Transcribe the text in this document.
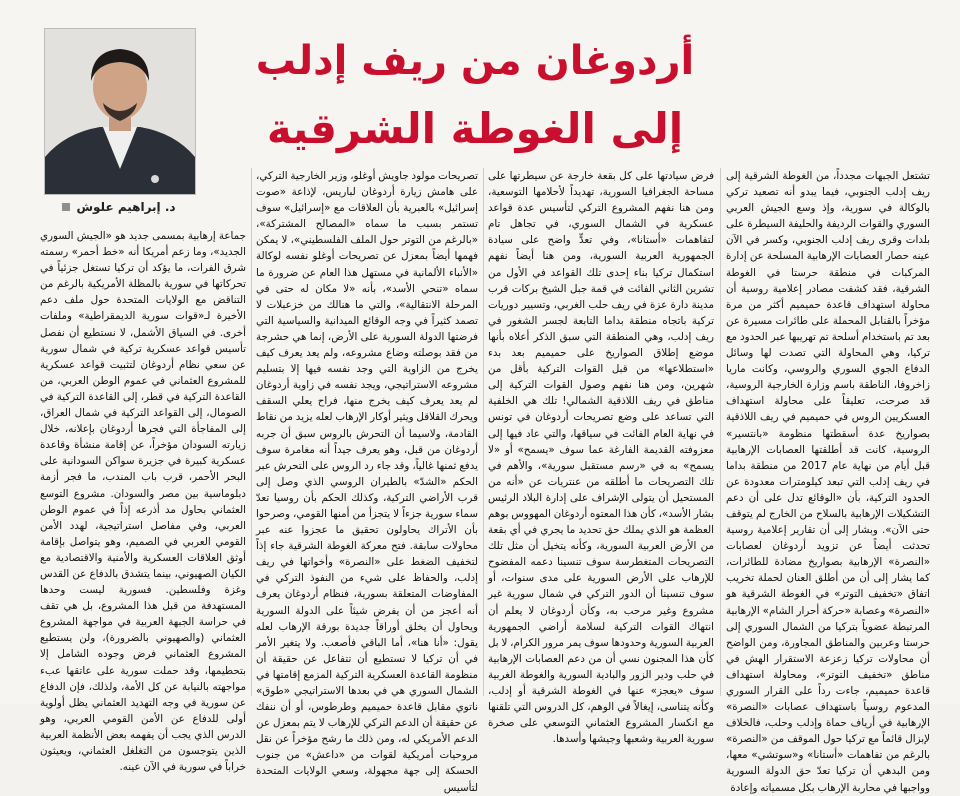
د. إبراهيم علوش
أردوغان من ريف إدلب
إلى الغوطة الشرقية

تشتعل الجبهات مجدداً، من الغوطة الشرقية إلى ريف إدلب الجنوبي، فيما يبدو أنه تصعيد تركي بالوكالة في سورية، وإذ وسع الجيش العربي السوري والقوات الرديفة والحليفة السيطرة على بلدات وقرى ريف إدلب الجنوبي، وكسر في الآن عينه حصار العصابات الإرهابية المسلحة عن إدارة المركبات في منطقة حرستا في الغوطة الشرقية، فقد كشفت مصادر إعلامية روسية أن محاولة استهداف قاعدة حميميم أكثر من مرة مؤخراً بالقنابل المحملة على طائرات مسيرة عن بعد تم باستخدام أسلحة تم تهريبها عبر الحدود مع تركيا، وهي المحاولة التي تصدت لها وسائل الدفاع الجوي السوري والروسي، وكانت ماريا زاخروفا، الناطقة باسم وزارة الخارجية الروسية، قد صرحت، تعليقاً على محاولة استهداف العسكريين الروس في حميميم في ريف اللاذقية بصواريخ عدة أسقطتها منظومة «بانتسير» الروسية، كانت قد أطلقتها العصابات الإرهابية قبل أيام من نهاية عام 2017 من منطقة بداما في ريف إدلب التي تبعد كيلومترات معدودة عن الحدود التركية، بأن «الوقائع تدل على أن دعم التشكيلات الإرهابية بالسلاح من الخارج لم يتوقف حتى الآن». وبشار إلى أن تقارير إعلامية روسية تحدثت أيضاً عن تزويد أردوغان لعصابات «النصرة» الإرهابية بصواريخ مضادة للطائرات، كما يشار إلى أن من أطلق العنان لحملة تخريب اتفاق «تخفيف التوتر» في الغوطة الشرقية هو «النصرة» وعصابة «حركة أحرار الشام» الإرهابية المرتبطة عضوياً بتركيا من الشمال السوري إلى حرستا وعربين والمناطق المجاورة، ومن الواضح أن محاولات تركيا زعزعة الاستقرار الهش في مناطق «تخفيف التوتر»، ومحاولة استهداف قاعدة حميميم، جاءت رداً على القرار السوري المدعوم روسياً باستهداف عصابات «النصرة» الإرهابية في أرياف حماة وإدلب وحلب، فالخلاف لإبزال قائماً مع تركيا حول الموقف من «النصرة» بالرغم من تفاهمات «أستانا» و«سوتشي» معها، ومن البدهي أن تركيا تعدّ حق الدولة السورية وواجبها في محاربة الإرهاب بكل مسمياته وإعادة

فرض سيادتها على كل بقعة خارجة عن سيطرتها على مساحة الجغرافيا السورية، تهديداً لأحلامها التوسعية، ومن هنا نفهم المشروع التركي لتأسيس عدة قواعد عسكرية في الشمال السوري، في تجاهل تام لتفاهمات «أستانا»، وفي تعدٍّ واضح على سيادة الجمهورية العربية السورية، ومن هنا أيضاً نفهم استكمال تركيا بناء إحدى تلك القواعد في الأول من تشرين الثاني الفائت في قمة جبل الشيخ بركات قرب مدينة دارة عزة في ريف حلب الغربي، وتسيير دوريات تركية باتجاه منطقة بداما التابعة لجسر الشغور في ريف إدلب، وهي المنطقة التي سبق الذكر أعلاه بأنها موضع إطلاق الصواريخ على حميميم بعد بدء «استطلاعها» من قبل القوات التركية بأقل من شهرين، ومن هنا نفهم وصول القوات التركية إلى مناطق في ريف اللاذقية الشمالي! تلك هي الخلفية التي تساعد على وضع تصريحات أردوغان في تونس في نهاية العام الفائت في سياقها، والتي عاد فيها إلى معزوفته القديمة الفارغة عما سوف «يسمح» أو «لا يسمح» به في «رسم مستقبل سورية»، والأهم في تلك التصريحات ما أطلقه من عنتريات عن «أنه من المستحيل أن يتولى الإشراف على إدارة البلاد الرئيس بشار الأسد»، كأن هذا المعتوه أردوغان المهووس بوهم العظمة هو الذي يملك حق تحديد ما يجري في أي بقعة من الأرض العربية السورية، وكأنه يتخيل أن مثل تلك التصريحات المتغطرسة سوف تنسينا دعمه المفضوح للإرهاب على الأرض السورية على مدى سنوات، أو سوف تنسينا أن الدور التركي في شمال سورية غير مشروع وغير مرحب به، وكأن أردوغان لا يعلم أن انتهاك القوات التركية لسلامة أراضي الجمهورية العربية السورية وحدودها سوف يمر مرور الكرام، لا بل كأن هذا المجنون نسي أن من دعم العصابات الإرهابية في حلب ودير الزور والبادية السورية والغوطة الغربية سوف «يعجز» عنها في الغوطة الشرقية أو إدلب، وكأنه يتناسى، إيغالاً في الوهم، كل الدروس التي تلقنها مع انكسار المشروع العثماني التوسعي على صخرة سورية العربية وشعبها وجيشها وأسدها.

تصريحات مولود جاويش أوغلو، وزير الخارجية التركي، على هامش زيارة أردوغان لباريس، لإذاعة «صوت إسرائيل» بالعبرية بأن العلاقات مع «إسرائيل» سوف تستمر بسبب ما سماه «المصالح المشتركة»، «بالرغم من التوتر حول الملف الفلسطيني»، لا يمكن فهمها أيضاً بمعزل عن تصريحات أوغلو نفسه لوكالة «الأنباء الألمانية في مستهل هذا العام عن ضرورة ما سماه «تنحي الأسد»، بأنه «لا مكان له حتى في المرحلة الانتقالية»، والتي ما هنالك من خزعبلات لا تصمد كثيراً في وجه الوقائع الميدانية والسياسية التي فرضتها الدولة السورية على الأرض، إنما هي حشرجة من فقد بوصلته وضاع مشروعه، ولم يعد يعرف كيف يخرج من الزاوية التي وجد نفسه فيها إلا بتسليم مشروعه الاستراتيجي، ويجد نفسه في زاوية أردوغان لم يعد يعرف كيف يخرج منها، فراح يعلي السقف ويحرك القلاقل ويثير أوكار الإرهاب لعله يزيد من نقاط القادمة، ولاسيما أن التحرش بالروس سبق أن جربه أردوغان من قبل، وهو يعرف جيداً أنه مغامرة سوف يدفع ثمنها غالياً، وقد جاء رد الروس على التحرش عبر الحكم «الشدّ» بالطيران الروسي الذي وصل إلى قرب الأراضي التركية، وكذلك الحكم بأن روسيا تعدّ سماء سورية جزءاً لا يتجزأ من أمنها القومي، وصرحوا بأن الأتراك يحاولون تحقيق ما عجزوا عنه عبر محاولات سابقة. فتح معركة الغوطة الشرقية جاء إذاً لتخفيف الضغط على «النصرة» وأخواتها في ريف إدلب، والحفاظ على شيء من النفوذ التركي في المفاوضات المتعلقة بسورية، فنظام أردوغان يعرف أنه أعجز من أن يفرض شيئاً على الدولة السورية ويحاول أن يخلق أوراقاً جديدة بورقة الإرهاب لعله يقول: «أنا هنا»، أما الباقي فأصعب. ولا يتغير الأمر في أن تركيا لا تستطيع أن تتفاعل عن حقيقة أن منظومة القاعدة العسكرية التركية المزمع إقامتها في الشمال السوري هي في بعدها الاستراتيجي «طوق» ناتوي مقابل قاعدة حميميم وطرطوس، أو أن ننفك عن حقيقة أن الدعم التركي للإرهاب لا يتم بمعزل عن الدعم الأمريكي له، ومن ذلك ما رشح مؤخراً عن نقل مروحيات أمريكية لقوات من «داعش» من جنوب الحسكة إلى جهة مجهولة، وسعي الولايات المتحدة لتأسيس

جماعة إرهابية بمسمى جديد هو «الجيش السوري الجديد»، وما زعم أمريكا أنه «خط أحمر» رسمته شرق الفرات، ما يؤكد أن تركيا تستغل جزئياً في تحركاتها في سورية بالمظلة الأمريكية بالرغم من التناقض مع الولايات المتحدة حول ملف دعم الأخيرة لـ«قوات سورية الديمقراطية» وملفات أخرى. في السياق الأشمل، لا نستطيع أن نفصل تأسيس قواعد عسكرية تركية في شمال سورية عن سعي نظام أردوغان لتثبيت قواعد عسكرية للمشروع العثماني في عموم الوطن العربي، من القاعدة التركية في قطر، إلى القاعدة التركية في الصومال، إلى القواعد التركية في شمال العراق، إلى المفاجأة التي فجرها أردوغان بإعلانه، خلال زيارته السودان مؤخراً، عن إقامة منشأة وقاعدة عسكرية كبيرة في جزيرة سواكن السودانية على البحر الأحمر، قرب باب المندب، ما فجر أزمة دبلوماسية بين مصر والسودان. مشروع التوسع العثماني بحاول مد أذرعه إذاً في عموم الوطن العربي، وفي مفاصل استراتيجية، لهدد الأمن القومي العربي في الصميم، وهو يتواصل بإقامة أوثق العلاقات العسكرية والأمنية والاقتصادية مع الكيان الصهيوني، بينما يتشدق بالدفاع عن القدس وغزة وفلسطين. فسورية ليست وحدها المستهدفة من قبل هذا المشروع، بل هي تقف في حراسة الجبهة العربية في مواجهة المشروع العثماني (والصهيوني بالضرورة)، ولن يستطيع المشروع العثماني فرض وجوده الشامل إلا بتحطيمها، وقد حملت سورية على عاتقها عبء مواجهته بالنيابة عن كل الأمة، ولذلك، فإن الدفاع عن سورية في وجه التهديد العثماني يظل أولوية أولى للدفاع عن الأمن القومي العربي، وهو الدرس الذي يجب أن يفهمه بعض الأنظمة العربية الذين يتوجسون من التغلغل العثماني، ويعيثون خراباً في سورية في الآن عينه.
